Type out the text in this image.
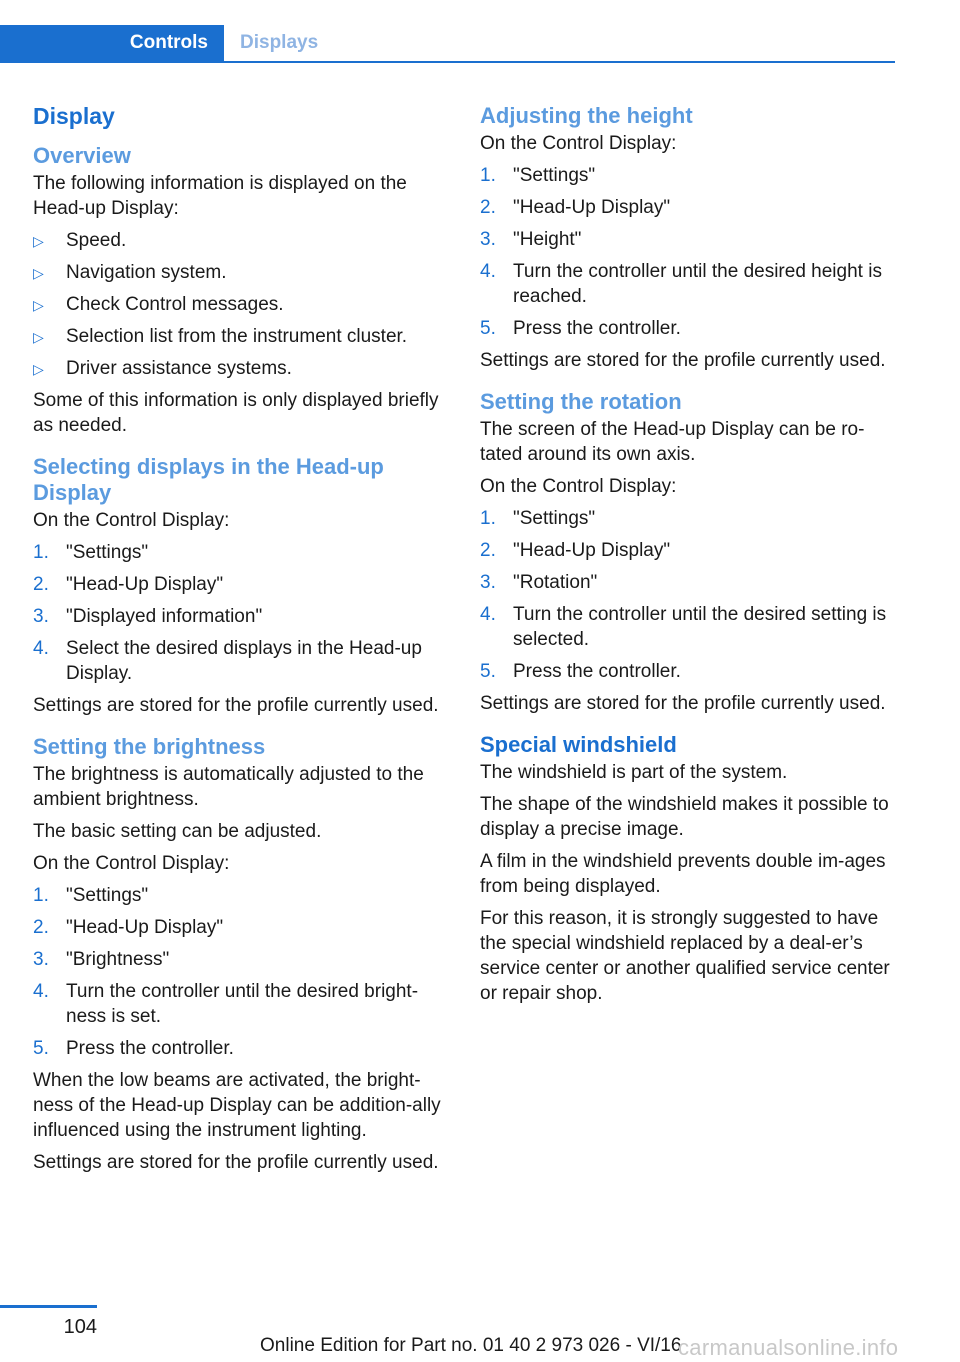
Controls	Displays
Display
Overview

The following information is displayed on the Head-up Display:

▷ Speed.
▷ Navigation system.
▷ Check Control messages.
▷ Selection list from the instrument cluster.
▷ Driver assistance systems.

Some of this information is only displayed briefly as needed.

Selecting displays in the Head-up Display

On the Control Display:

1. "Settings"
2. "Head-Up Display"
3. "Displayed information"
4. Select the desired displays in the Head-up Display.

Settings are stored for the profile currently used.

Setting the brightness

The brightness is automatically adjusted to the ambient brightness.

The basic setting can be adjusted.

On the Control Display:

1. "Settings"
2. "Head-Up Display"
3. "Brightness"
4. Turn the controller until the desired bright-ness is set.
5. Press the controller.

When the low beams are activated, the bright-ness of the Head-up Display can be addition-ally influenced using the instrument lighting.

Settings are stored for the profile currently used.

Adjusting the height

On the Control Display:

1. "Settings"
2. "Head-Up Display"
3. "Height"
4. Turn the controller until the desired height is reached.
5. Press the controller.

Settings are stored for the profile currently used.

Setting the rotation

The screen of the Head-up Display can be ro-tated around its own axis.

On the Control Display:

1. "Settings"
2. "Head-Up Display"
3. "Rotation"
4. Turn the controller until the desired setting is selected.
5. Press the controller.

Settings are stored for the profile currently used.

Special windshield

The windshield is part of the system.

The shape of the windshield makes it possible to display a precise image.

A film in the windshield prevents double im-ages from being displayed.

For this reason, it is strongly suggested to have the special windshield replaced by a deal-er’s service center or another qualified service center or repair shop.

104
Online Edition for Part no. 01 40 2 973 026 - VI/16
carmanualsonline.info
